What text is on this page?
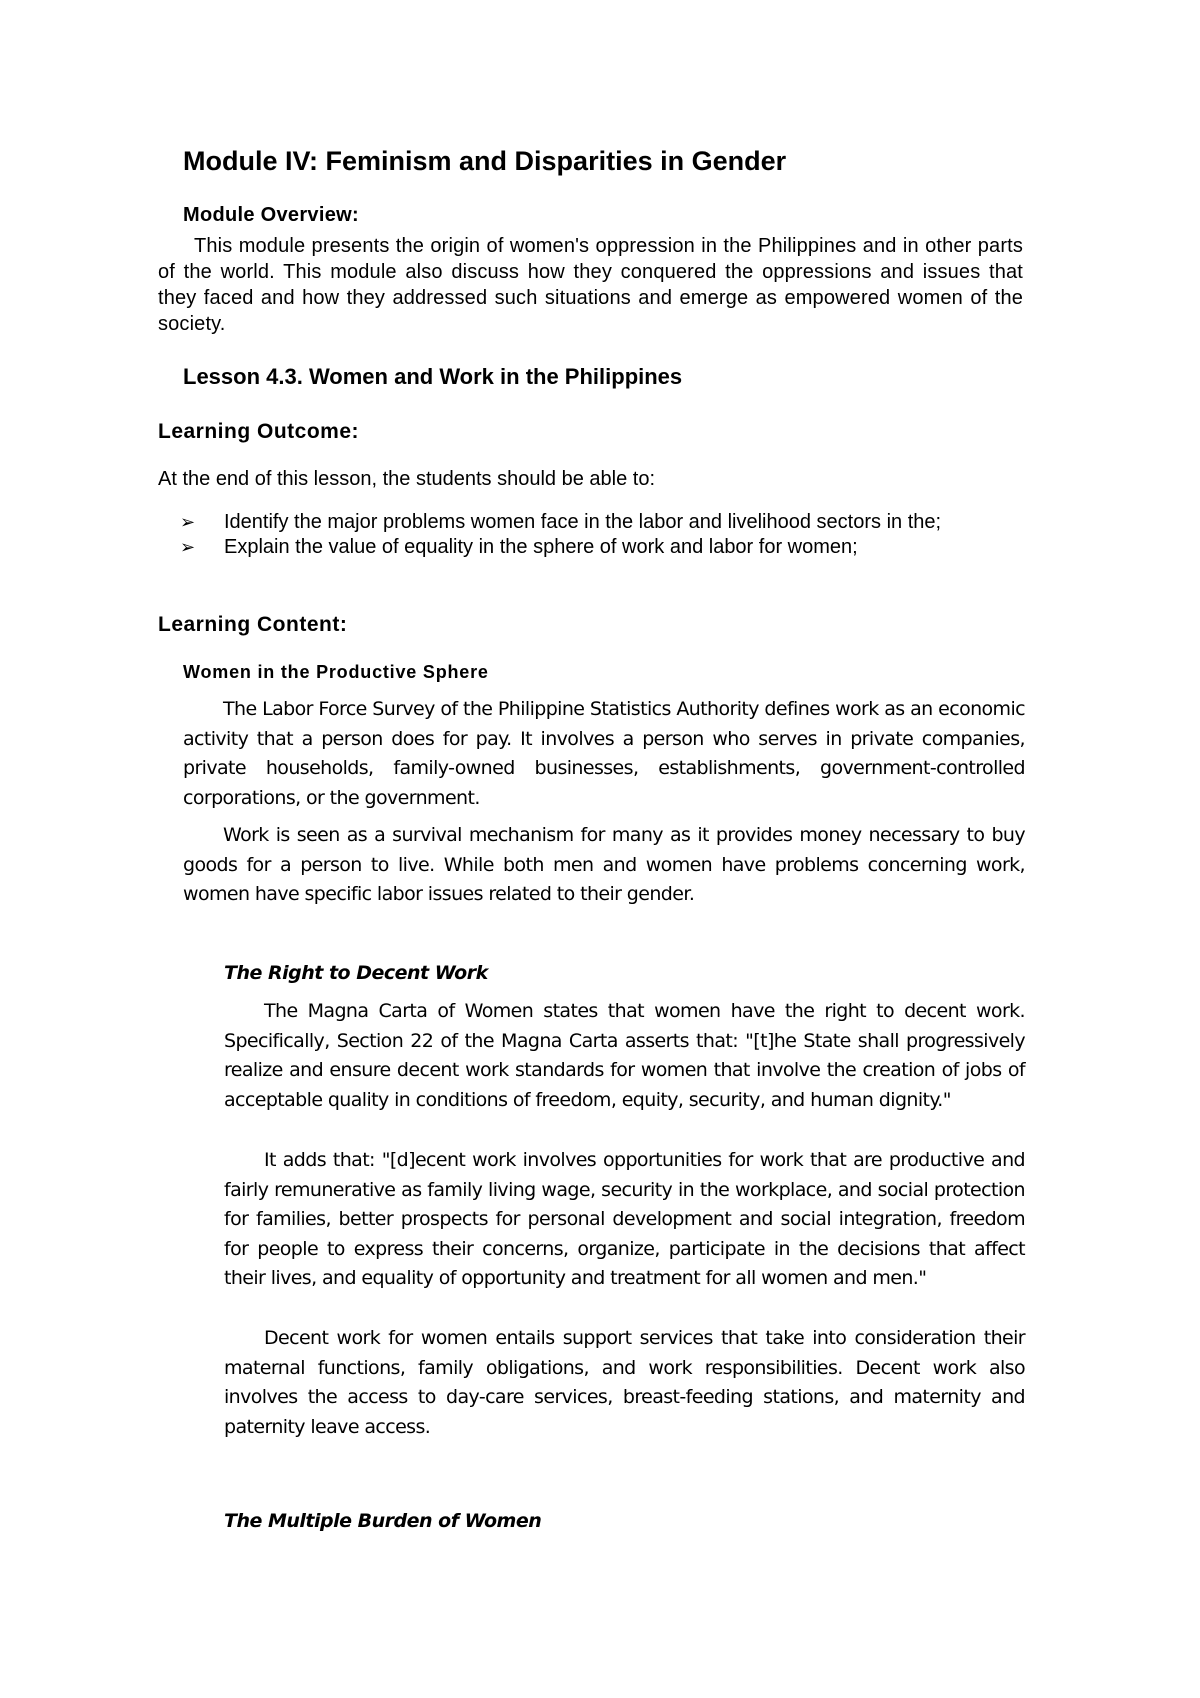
Module IV: Feminism and Disparities in Gender
Module Overview:

This module presents the origin of women's oppression in the Philippines and in other parts of the world. This module also discuss how they conquered the oppressions and issues that they faced and how they addressed such situations and emerge as empowered women of the society.

Lesson 4.3. Women and Work in the Philippines
Learning Outcome:

At the end of this lesson, the students should be able to:

➢ Identify the major problems women face in the labor and livelihood sectors in the;
➢ Explain the value of equality in the sphere of work and labor for women;
Learning Content:
Women in the Productive Sphere

The Labor Force Survey of the Philippine Statistics Authority defines work as an economic activity that a person does for pay. It involves a person who serves in private companies, private households, family-owned businesses, establishments, government-controlled corporations, or the government.

Work is seen as a survival mechanism for many as it provides money necessary to buy goods for a person to live. While both men and women have problems concerning work, women have specific labor issues related to their gender.

The Right to Decent Work

The Magna Carta of Women states that women have the right to decent work. Specifically, Section 22 of the Magna Carta asserts that: "[t]he State shall progressively realize and ensure decent work standards for women that involve the creation of jobs of acceptable quality in conditions of freedom, equity, security, and human dignity."

It adds that: "[d]ecent work involves opportunities for work that are productive and fairly remunerative as family living wage, security in the workplace, and social protection for families, better prospects for personal development and social integration, freedom for people to express their concerns, organize, participate in the decisions that affect their lives, and equality of opportunity and treatment for all women and men."

Decent work for women entails support services that take into consideration their maternal functions, family obligations, and work responsibilities. Decent work also involves the access to day-care services, breast-feeding stations, and maternity and paternity leave access.

The Multiple Burden of Women
